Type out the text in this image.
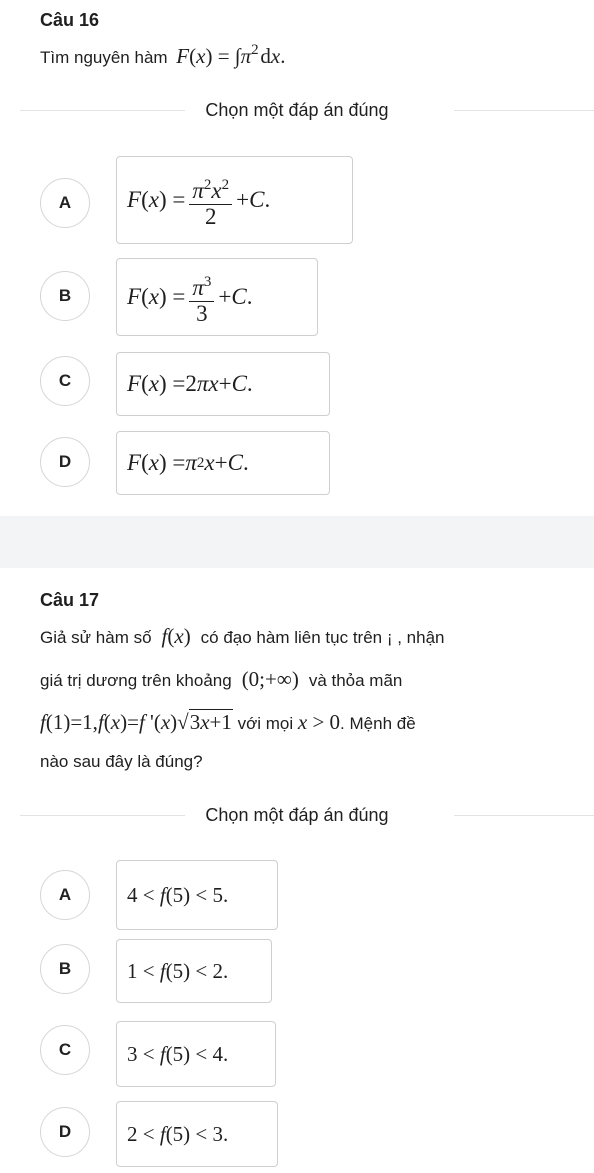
Câu 16
Tìm nguyên hàm $F(x) = \int\pi^2$ dx.
Chọn một đáp án đúng
A	F ( x )
= $\frac{\pi^2x^2}{2} + C$ .
B	F ( x )
= $\frac{\pi^3}{3} + C$ .
C	F ( x )
= 2 πx + C .
D	F ( x )
= π 2 x + C .
Câu 17
Giả sử hàm số  f(x) có đạo hàm liên tục trên ¡ , nhận
giá trị dương trên khoảng (0;+∞) và thỏa mãn
f(1)=1,f(x)=f '(x)√3x+1 với mọi x > 0. Mệnh đề
nào sau đây là đúng?
Chọn một đáp án đúng
A	4 < f (5) < 5.
B	1 < f (5) < 2.
C	3 < f (5) < 4.
D	2 < f (5) < 3.
